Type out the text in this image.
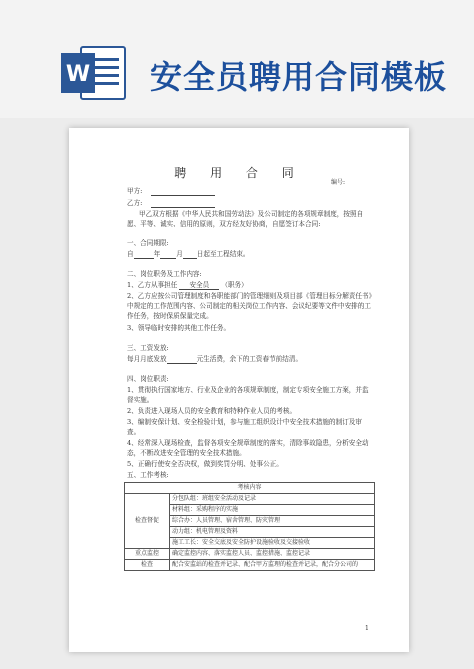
W 安全员聘用合同模板
聘 用 合 同
编号:
甲方:
乙方:
甲乙双方根据《中华人民共和国劳动法》及公司制定的各项规章制度，按照自愿、平等、诚实、信用的原则，双方经友好协商，自愿签订本合同:
一、合同期限:
自	年 月 日起至工程结束。
二、岗位职务及工作内容:
1、乙方从事担任 安全员 （职务）
2、乙方应按公司管理制度和各职能部门的管理细则及项目部《管理目标分解责任书》中规定的工作范围内容、公司制定的相关岗位工作内容、会议纪要等文件中安排的工作任务，按时保质保量完成。
3、领导临时安排的其他工作任务。
三、工资发放:
每月月底发放	元生活费，余下的工资春节前结清。
四、岗位职责:
1、贯彻执行国家地方、行业及企业的各项规章制度，制定专项安全施工方案，并监督实施。
2、负责进入现场人员的安全教育和特种作业人员的考核。
3、编制安保计划、安全检验计划，参与施工组织设计中安全技术措施的制订及审查。
4、经常深入现场检查，监督各项安全规章制度的落实，清除事故隐患，分析安全动态，不断改进安全管理的安全技术措施。
5、正确行使安全否决权，做到奖罚分明、处事公正。
五、工作考核:
考核内容	
检查督促	分包队组：班组安全活动及记录
	材料组：采购程序的实施
	综合办：人员管理、宿舍管理、防灾管理
	动力组：机电管理及资料
	施工工长：安全交底及安全防护设施验收及交接验收
重点监控	确定监控内容、落实监控人员、监控措施、监控记录
检查	配合安监站的检查并记录、配合甲方监理的检查并记录，配合分公司的
1
